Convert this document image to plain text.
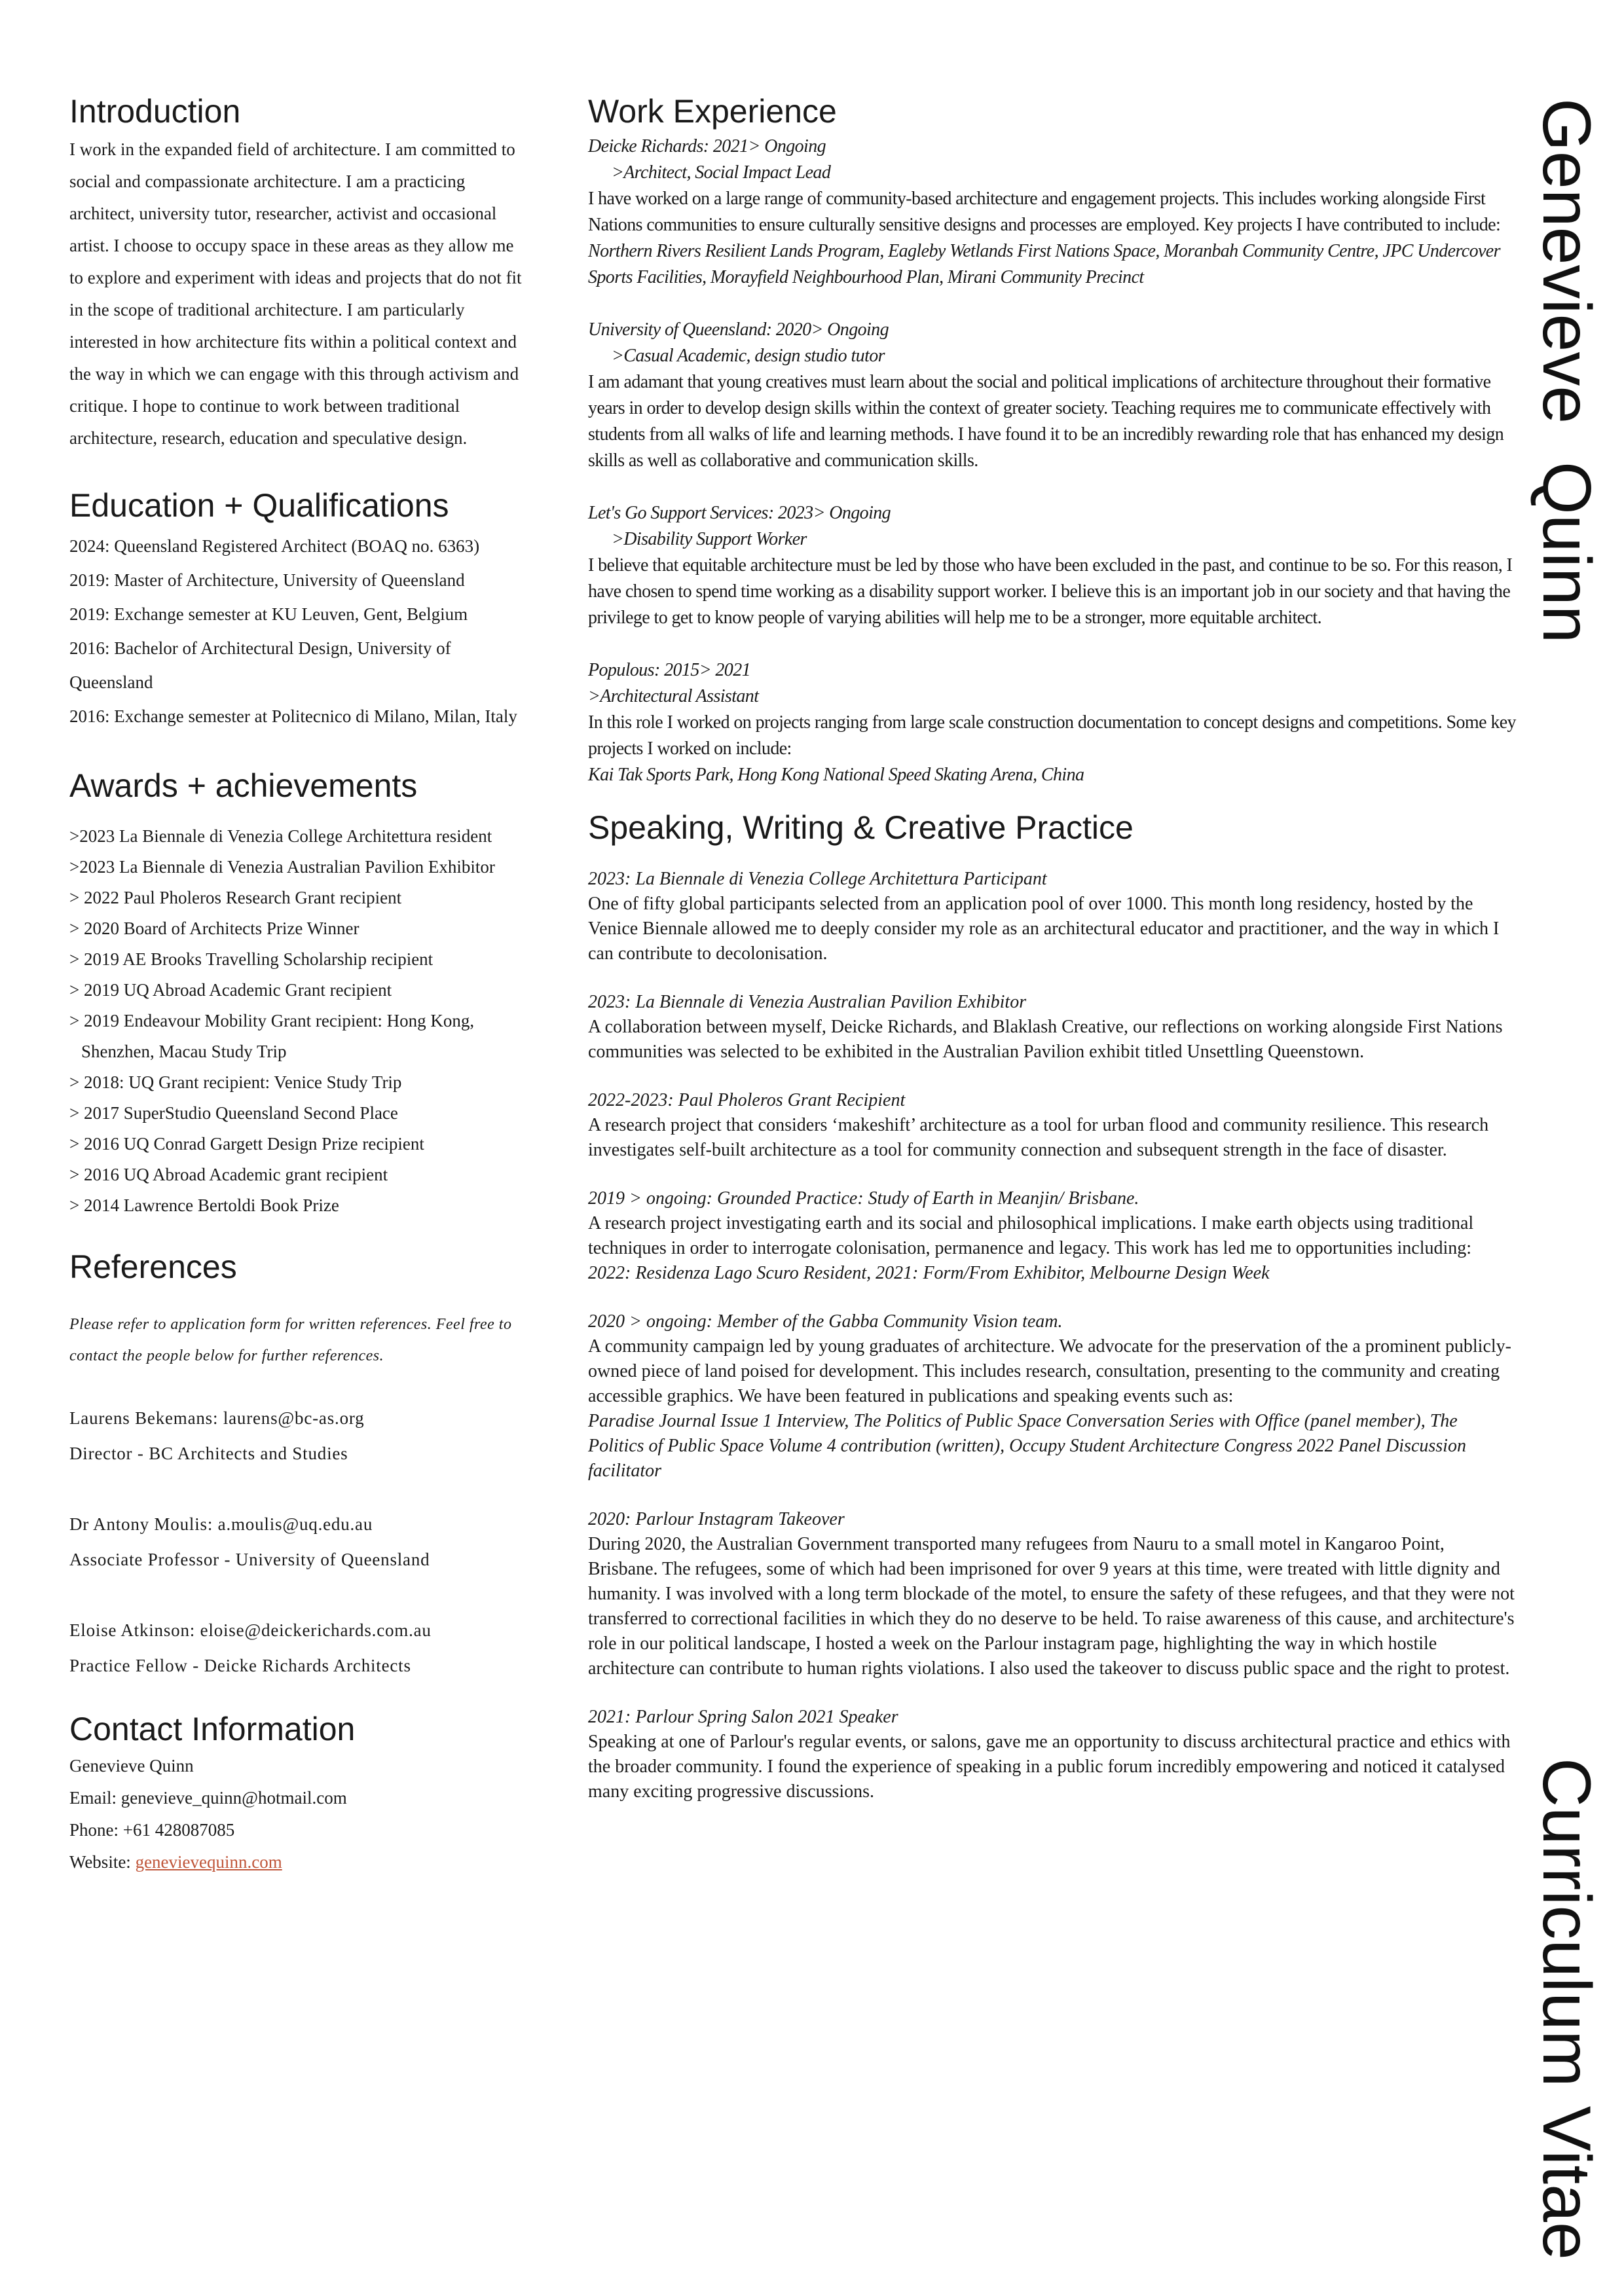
Genevieve  Quinn
Curriculum Vitae
Introduction
I work in the expanded field of architecture. I am committed to social and compassionate architecture. I am a practicing architect, university tutor, researcher, activist and occasional artist. I choose to occupy space in these areas as they allow me to explore and experiment with ideas and projects that do not fit in the scope of traditional architecture. I am particularly interested in how architecture fits within a political context and the way in which we can engage with this through activism and critique. I hope to continue to work between traditional architecture, research, education and speculative design.
Education + Qualifications
2024: Queensland Registered Architect (BOAQ no. 6363)
2019: Master of Architecture, University of Queensland
2019: Exchange semester at KU Leuven, Gent, Belgium
2016: Bachelor of Architectural Design, University of Queensland
2016: Exchange semester at Politecnico di Milano, Milan, Italy
Awards + achievements
>2023 La Biennale di Venezia College Architettura resident
>2023 La Biennale di Venezia Australian Pavilion Exhibitor
> 2022 Paul Pholeros Research Grant recipient
> 2020 Board of Architects Prize Winner
> 2019 AE Brooks Travelling Scholarship recipient
> 2019 UQ Abroad Academic Grant recipient
> 2019 Endeavour Mobility Grant recipient: Hong Kong, Shenzhen, Macau Study Trip
> 2018: UQ Grant recipient: Venice Study Trip
> 2017 SuperStudio Queensland Second Place
> 2016 UQ Conrad Gargett Design Prize recipient
> 2016 UQ Abroad Academic grant recipient
> 2014 Lawrence Bertoldi Book Prize
References
Please refer to application form for written references. Feel free to contact the people below for further references.
Laurens Bekemans: laurens@bc-as.org
Director - BC Architects and Studies
Dr Antony Moulis: a.moulis@uq.edu.au
Associate Professor - University of Queensland
Eloise Atkinson: eloise@deickerichards.com.au
Practice Fellow - Deicke Richards Architects
Contact Information
Genevieve Quinn
Email: genevieve_quinn@hotmail.com
Phone: +61 428087085
Website: genevievequinn.com
Work Experience
Deicke Richards: 2021> Ongoing
>Architect, Social Impact Lead
I have worked on a large range of community-based architecture and engagement projects. This includes working alongside First Nations communities to ensure culturally sensitive designs and processes are employed. Key projects I have contributed to include:
Northern Rivers Resilient Lands Program, Eagleby Wetlands First Nations Space, Moranbah Community Centre, JPC Undercover Sports Facilities, Morayfield Neighbourhood Plan, Mirani Community Precinct
University of Queensland: 2020> Ongoing
>Casual Academic, design studio tutor
I am adamant that young creatives must learn about the social and political implications of architecture throughout their formative years in order to develop design skills within the context of greater society. Teaching requires me to communicate effectively with students from all walks of life and learning methods. I have found it to be an incredibly rewarding role that has enhanced my design skills as well as collaborative and communication skills.
Let's Go Support Services: 2023> Ongoing
>Disability Support Worker
I believe that equitable architecture must be led by those who have been excluded in the past, and continue to be so. For this reason, I have chosen to spend time working as a disability support worker. I believe this is an important job in our society and that having the privilege to get to know people of varying abilities will help me to be a stronger, more equitable architect.
Populous: 2015> 2021
>Architectural Assistant
In this role I worked on projects ranging from large scale construction documentation to concept designs and competitions. Some key projects I worked on include:
Kai Tak Sports Park, Hong Kong National Speed Skating Arena, China
Speaking, Writing & Creative Practice
2023: La Biennale di Venezia College Architettura Participant
One of fifty global participants selected from an application pool of over 1000. This month long residency, hosted by the Venice Biennale allowed me to deeply consider my role as an architectural educator and practitioner, and the way in which I can contribute to decolonisation.
2023: La Biennale di Venezia Australian Pavilion Exhibitor
A collaboration between myself, Deicke Richards, and Blaklash Creative, our reflections on working alongside First Nations communities was selected to be exhibited in the Australian Pavilion exhibit titled Unsettling Queenstown.
2022-2023: Paul Pholeros Grant Recipient
A research project that considers ‘makeshift’ architecture as a tool for urban flood and community resilience. This research investigates self-built architecture as a tool for community connection and subsequent strength in the face of disaster.
2019 > ongoing: Grounded Practice: Study of Earth in Meanjin/ Brisbane.
A research project investigating earth and its social and philosophical implications. I make earth objects using traditional techniques in order to interrogate colonisation, permanence and legacy. This work has led me to opportunities including:
2022: Residenza Lago Scuro Resident, 2021: Form/From Exhibitor, Melbourne Design Week
2020 > ongoing: Member of the Gabba Community Vision team.
A community campaign led by young graduates of architecture. We advocate for the preservation of the a prominent publicly-owned piece of land poised for development. This includes research, consultation, presenting to the community and creating accessible graphics. We have been featured in publications and speaking events such as:
Paradise Journal Issue 1 Interview, The Politics of Public Space Conversation Series with Office (panel member), The Politics of Public Space Volume 4 contribution (written), Occupy Student Architecture Congress 2022 Panel Discussion facilitator
2020: Parlour Instagram Takeover
During 2020, the Australian Government transported many refugees from Nauru to a small motel in Kangaroo Point, Brisbane. The refugees, some of which had been imprisoned for over 9 years at this time, were treated with little dignity and humanity. I was involved with a long term blockade of the motel, to ensure the safety of these refugees, and that they were not transferred to correctional facilities in which they do no deserve to be held. To raise awareness of this cause, and architecture's role in our political landscape, I hosted a week on the Parlour instagram page, highlighting the way in which hostile architecture can contribute to human rights violations. I also used the takeover to discuss public space and the right to protest.
2021: Parlour Spring Salon 2021 Speaker
Speaking at one of Parlour's regular events, or salons, gave me an opportunity to discuss architectural practice and ethics with the broader community. I found the experience of speaking in a public forum incredibly empowering and noticed it catalysed many exciting progressive discussions.
